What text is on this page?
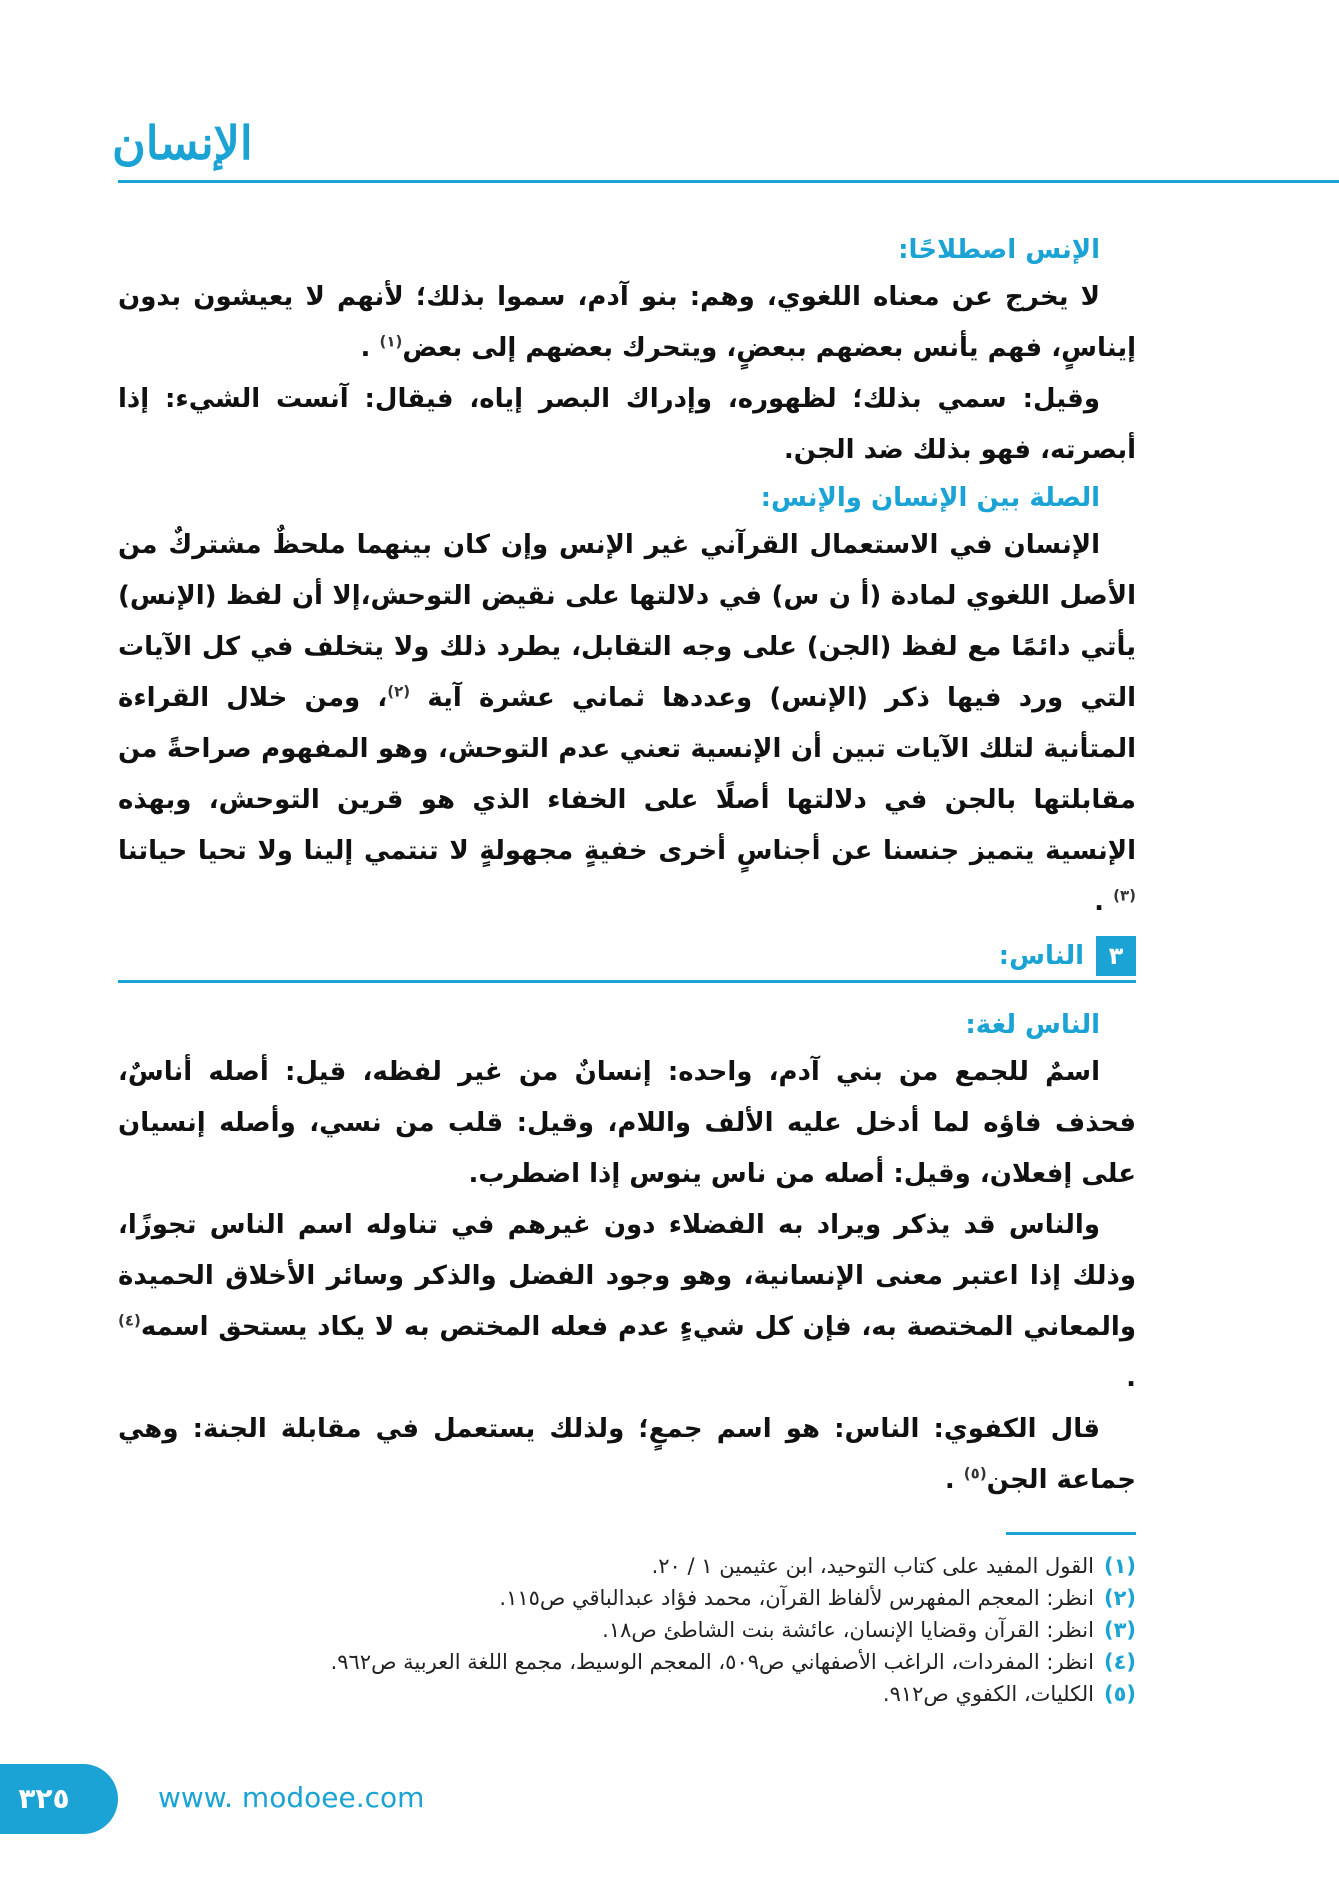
الإنسان
الإنس اصطلاحًا:

لا يخرج عن معناه اللغوي، وهم: بنو آدم، سموا بذلك؛ لأنهم لا يعيشون بدون إيناسٍ، فهم يأنس بعضهم ببعضٍ، ويتحرك بعضهم إلى بعض$^{(١)}$ .

وقيل: سمي بذلك؛ لظهوره، وإدراك البصر إياه، فيقال: آنست الشيء: إذا أبصرته، فهو بذلك ضد الجن.

الصلة بين الإنسان والإنس:

الإنسان في الاستعمال القرآني غير الإنس وإن كان بينهما ملحظٌ مشتركٌ من الأصل اللغوي لمادة (أ ن س) في دلالتها على نقيض التوحش،إلا أن لفظ (الإنس) يأتي دائمًا مع لفظ (الجن) على وجه التقابل، يطرد ذلك ولا يتخلف في كل الآيات التي ورد فيها ذكر (الإنس) وعددها ثماني عشرة آية $^{(٢)}$، ومن خلال القراءة المتأنية لتلك الآيات تبين أن الإنسية تعني عدم التوحش، وهو المفهوم صراحةً من مقابلتها بالجن في دلالتها أصلًا على الخفاء الذي هو قرين التوحش، وبهذه الإنسية يتميز جنسنا عن أجناسٍ أخرى خفيةٍ مجهولةٍ لا تنتمي إلينا ولا تحيا حياتنا $^{(٣)}$ .

٣
الناس:
الناس لغة:

اسمٌ للجمع من بني آدم، واحده: إنسانٌ من غير لفظه، قيل: أصله أناسٌ، فحذف فاؤه لما أدخل عليه الألف واللام، وقيل: قلب من نسي، وأصله إنسيان على إفعلان، وقيل: أصله من ناس ينوس إذا اضطرب.

والناس قد يذكر ويراد به الفضلاء دون غيرهم في تناوله اسم الناس تجوزًا، وذلك إذا اعتبر معنى الإنسانية، وهو وجود الفضل والذكر وسائر الأخلاق الحميدة والمعاني المختصة به، فإن كل شيءٍ عدم فعله المختص به لا يكاد يستحق اسمه$^{(٤)}$ .

قال الكفوي: الناس: هو اسم جمعٍ؛ ولذلك يستعمل في مقابلة الجنة: وهي جماعة الجن$^{(٥)}$ .

(١)القول المفيد على كتاب التوحيد، ابن عثيمين ١ / ٢٠.
(٢)انظر: المعجم المفهرس لألفاظ القرآن، محمد فؤاد عبدالباقي ص١١٥.
(٣)انظر: القرآن وقضايا الإنسان، عائشة بنت الشاطئ ص١٨.
(٤)انظر: المفردات، الراغب الأصفهاني ص٥٠٩، المعجم الوسيط، مجمع اللغة العربية ص٩٦٢.
(٥)الكليات، الكفوي ص٩١٢.
٣٢٥	www. modoee.com
